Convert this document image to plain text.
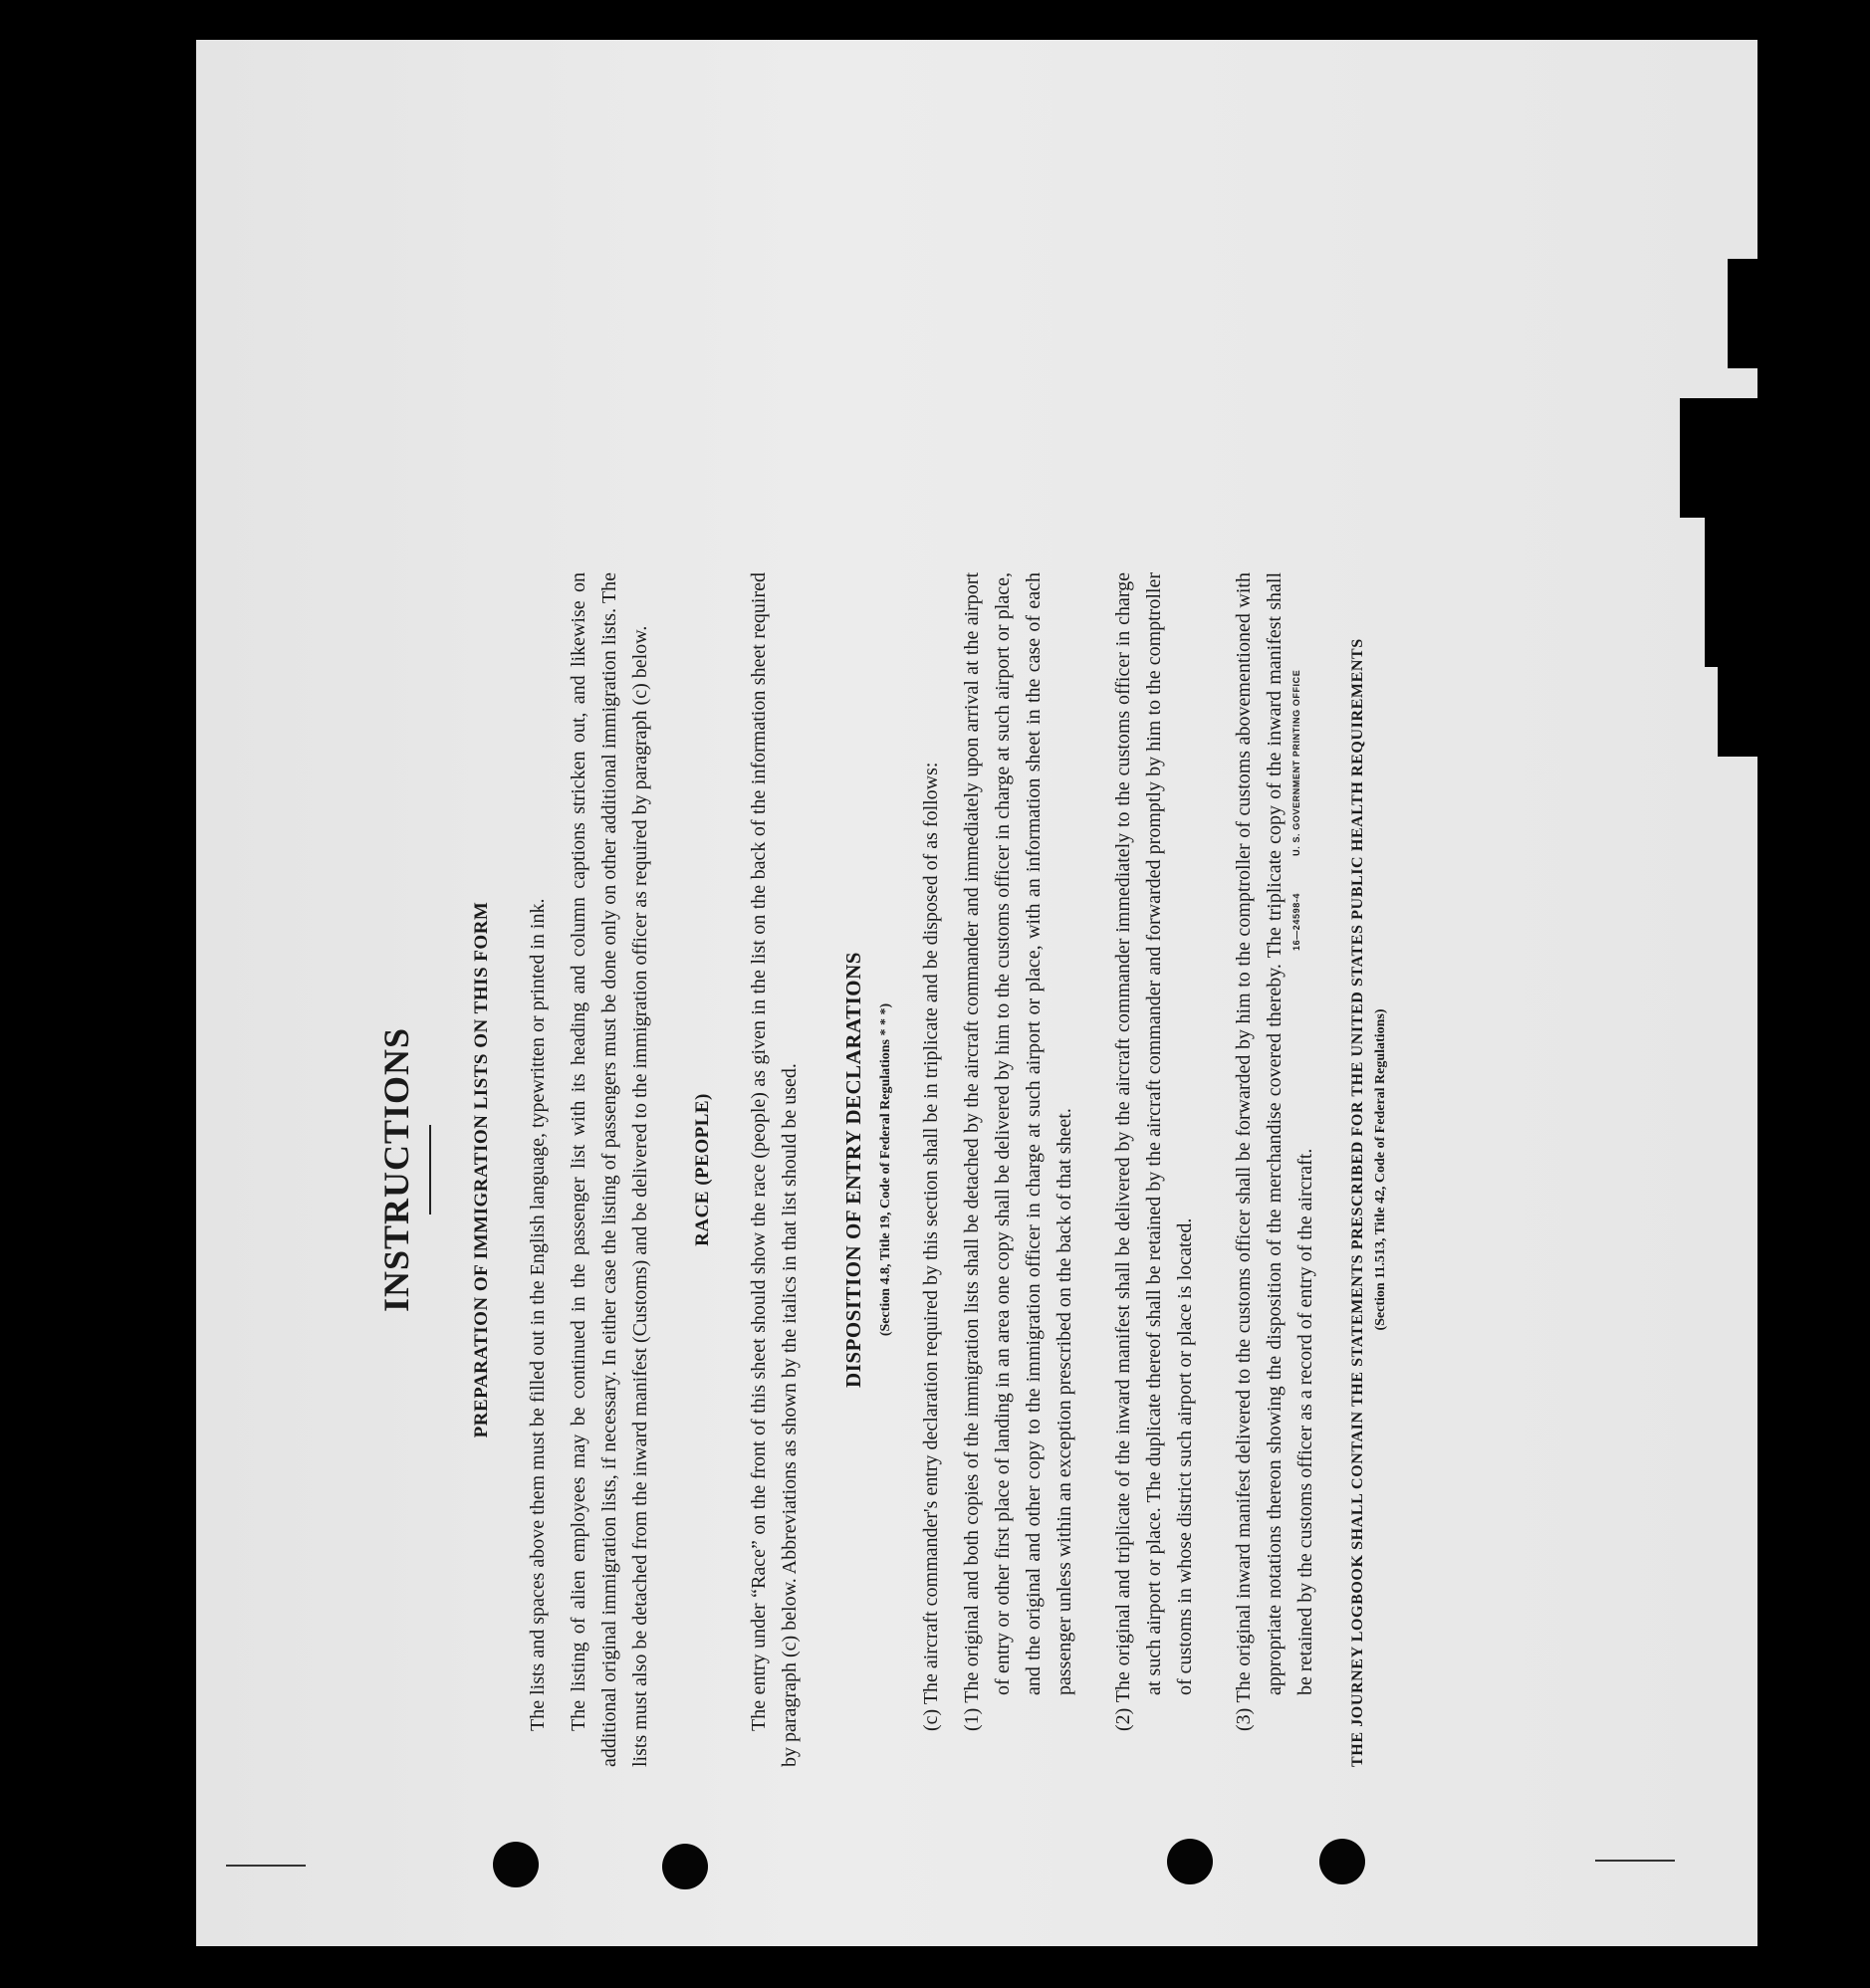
INSTRUCTIONS	PREPARATION OF IMMIGRATION LISTS ON THIS FORM The lists and spaces above them must be filled out in the English language, typewritten or printed in ink. The listing of alien employees may be continued in the passenger list with its heading and column captions stricken out, and likewise on additional original immigration lists, if necessary. In either case the listing of passengers must be done only on other additional immigration lists. The lists must also be detached from the inward manifest (Customs) and be delivered to the immigration officer as required by paragraph (c) below. RACE (PEOPLE) The entry under “Race” on the front of this sheet should show the race (people) as given in the list on the back of the information sheet required by paragraph (c) below. Abbreviations as shown by the italics in that list should be used. DISPOSITION OF ENTRY DECLARATIONS (Section 4.8, Title 19, Code of Federal Regulations * * *) (c) The aircraft commander's entry declaration required by this section shall be in triplicate and be disposed of as follows: (1) The original and both copies of the immigration lists shall be detached by the aircraft commander and immediately upon arrival at the airport of entry or other first place of landing in an area one copy shall be delivered by him to the customs officer in charge at such airport or place, and the original and other copy to the immigration officer in charge at such airport or place, with an information sheet in the case of each passenger unless within an exception prescribed on the back of that sheet. (2) The original and triplicate of the inward manifest shall be delivered by the aircraft commander immediately to the customs officer in charge at such airport or place. The duplicate thereof shall be retained by the aircraft commander and forwarded promptly by him to the comptroller of customs in whose district such airport or place is located. (3) The original inward manifest delivered to the customs officer shall be forwarded by him to the comptroller of customs abovementioned with appropriate notations thereon showing the disposition of the merchandise covered thereby. The triplicate copy of the inward manifest shall be retained by the customs officer as a record of entry of the aircraft.	THE JOURNEY LOGBOOK SHALL CONTAIN THE STATEMENTS PRESCRIBED FOR THE UNITED STATES PUBLIC HEALTH REQUIREMENTS (Section 11.513, Title 42, Code of Federal Regulations)
16—24598-4 U. S. GOVERNMENT PRINTING OFFICE
